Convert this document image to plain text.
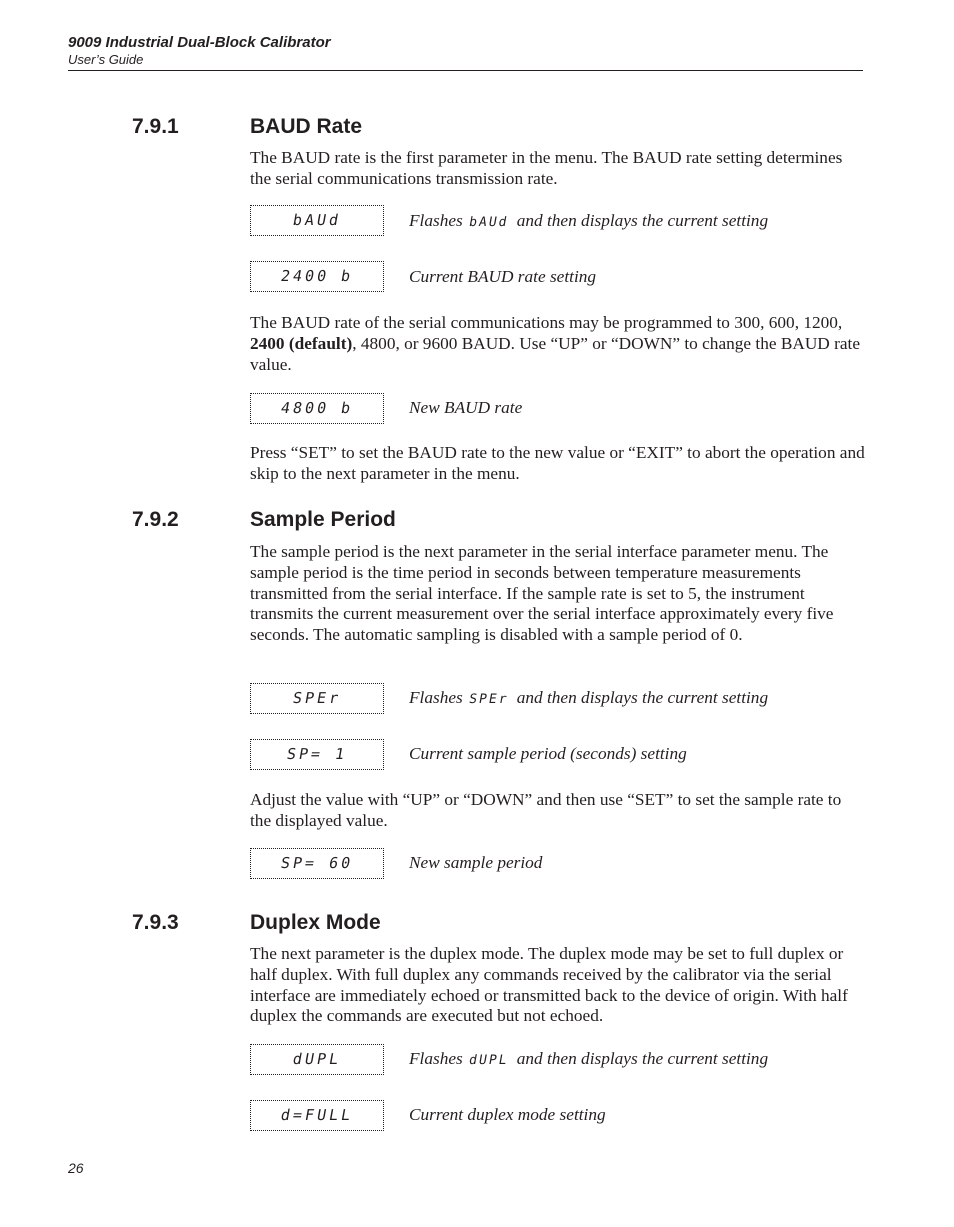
9009 Industrial Dual-Block Calibrator
User’s Guide
7.9.1	BAUD Rate

The BAUD rate is the first parameter in the menu. The BAUD rate setting determines the serial communications transmission rate.

bAUd	Flashes bAUd and then displays the current setting
2400 b	Current BAUD rate setting

The BAUD rate of the serial communications may be programmed to 300, 600, 1200, 2400 (default), 4800, or 9600 BAUD. Use “UP” or “DOWN” to change the BAUD rate value.

4800 b	New BAUD rate

Press “SET” to set the BAUD rate to the new value or “EXIT” to abort the operation and skip to the next parameter in the menu.

7.9.2	Sample Period

The sample period is the next parameter in the serial interface parameter menu. The sample period is the time period in seconds between temperature measurements transmitted from the serial interface. If the sample rate is set to 5, the instrument transmits the current measurement over the serial interface approximately every five seconds. The automatic sampling is disabled with a sample period of 0.

SPEr	Flashes SPEr and then displays the current setting
SP= 1	Current sample period (seconds) setting

Adjust the value with “UP” or “DOWN” and then use “SET” to set the sample rate to the displayed value.

SP= 60	New sample period
7.9.3	Duplex Mode

The next parameter is the duplex mode. The duplex mode may be set to full duplex or half duplex. With full duplex any commands received by the calibrator via the serial interface are immediately echoed or transmitted back to the device of origin. With half duplex the commands are executed but not echoed.

dUPL	Flashes dUPL and then displays the current setting
d=FULL	Current duplex mode setting
26
